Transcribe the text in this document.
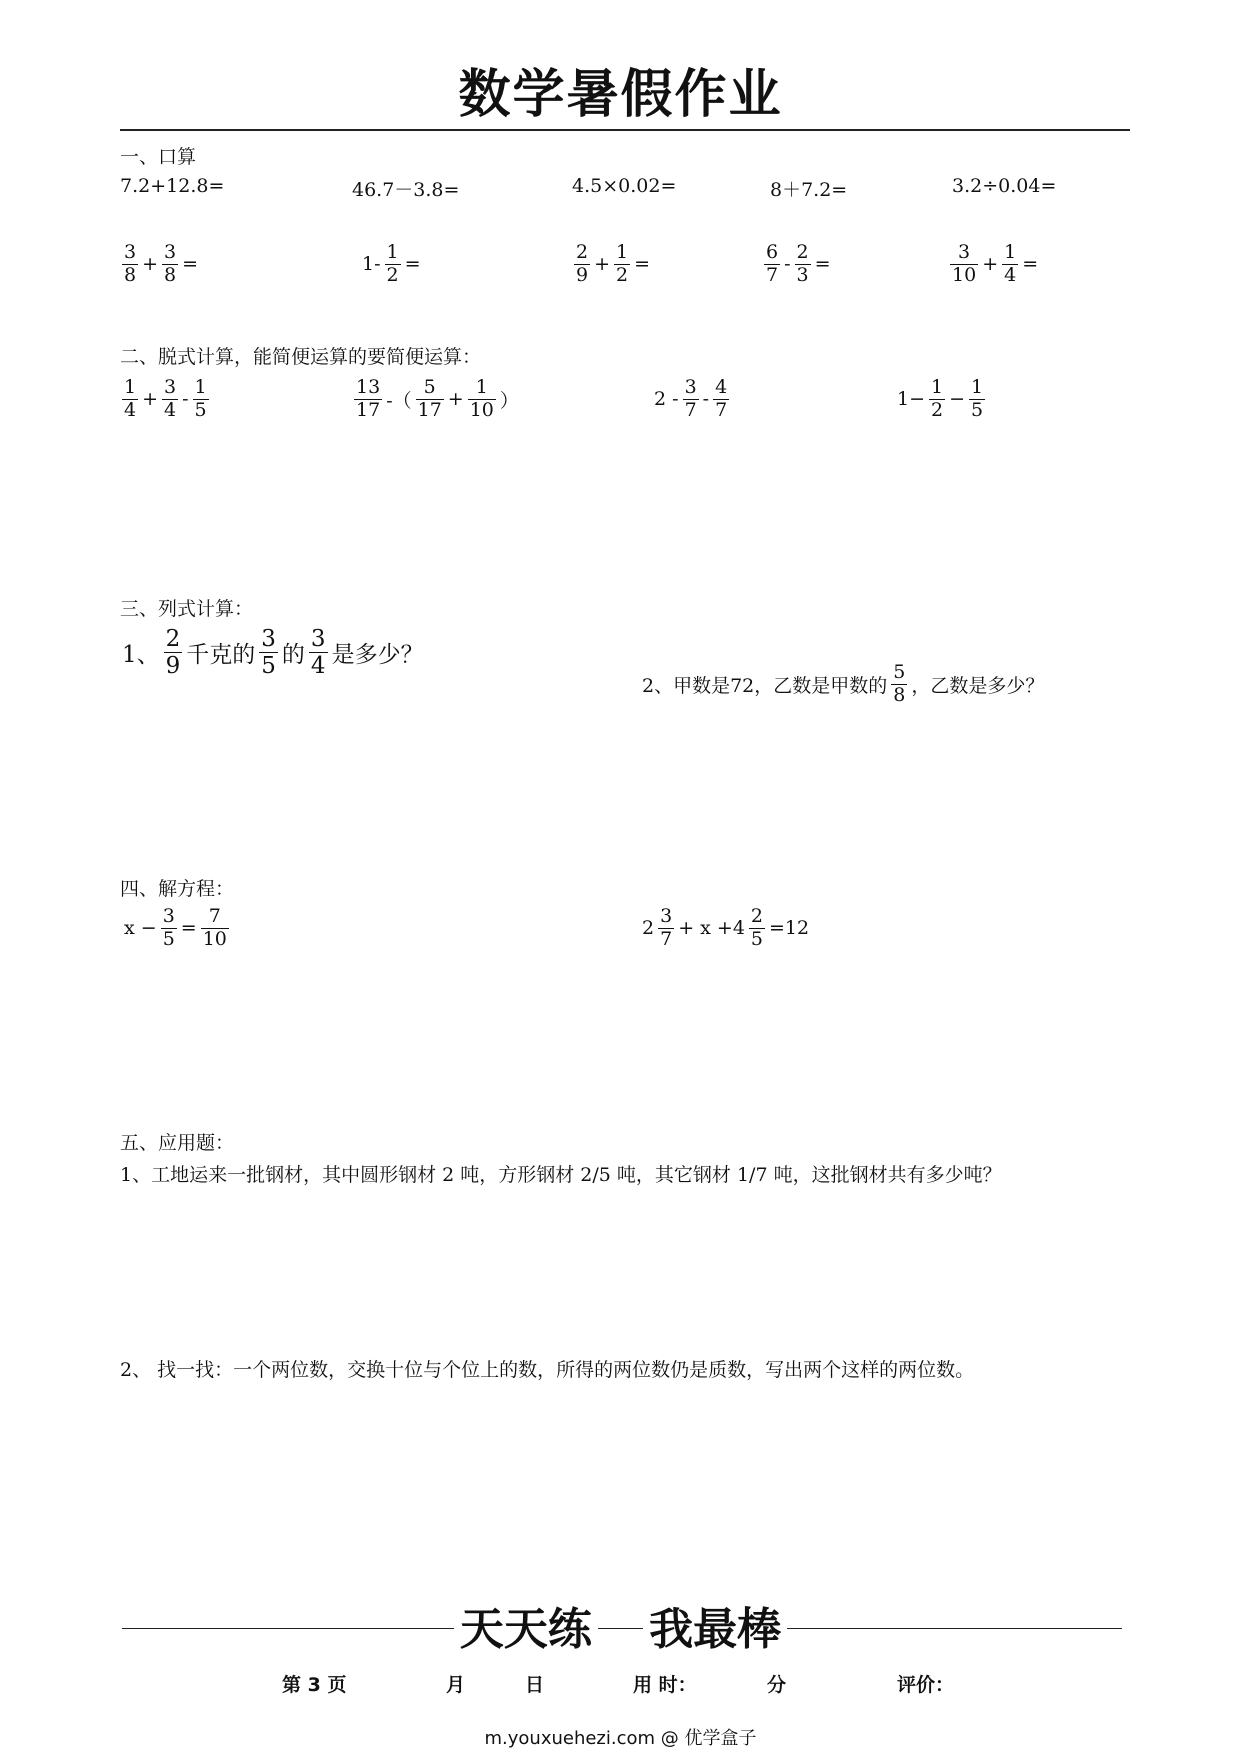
数学暑假作业
一、口算
7.2+12.8=	46.7－3.8=	4.5×0.02=	8＋7.2=	3.2÷0.04=
$\frac{3}{8} + \frac{3}{8}$ =	$1- \frac{1}{2}$ =	$\frac{2}{9} + \frac{1}{2}$ =	$\frac{6}{7} - \frac{2}{3}$ =	$\frac{3}{10} + \frac{1}{4}$ =
二、脱式计算，能简便运算的要简便运算：
$\frac{1}{4} + \frac{3}{4} - \frac{1}{5}$	$\frac{13}{17}$ -（ $\frac{5}{17} + \frac{1}{10}$ ）	$2 - \frac{3}{7} - \frac{4}{7}$	$1- \frac{1}{2} - \frac{1}{5}$
三、列式计算：
1、 $\frac{2}{9}$ 千克的 $\frac{3}{5}$ 的 $\frac{3}{4}$ 是多少？
2、甲数是72，乙数是甲数的 $\frac{5}{8}$ ，乙数是多少？
四、解方程：
$x - \frac{3}{5} = \frac{7}{10}$	$2 \frac{3}{7} + x +4 \frac{2}{5} =12$
五、应用题：
1、工地运来一批钢材，其中圆形钢材 2 吨，方形钢材 2/5 吨，其它钢材 1/7 吨，这批钢材共有多少吨？
2、 找一找：一个两位数，交换十位与个位上的数，所得的两位数仍是质数，写出两个这样的两位数。
天天练 我最棒
第 3 页	月	日	用 时：	分	评价：
m.youxuehezi.com @ 优学盒子
